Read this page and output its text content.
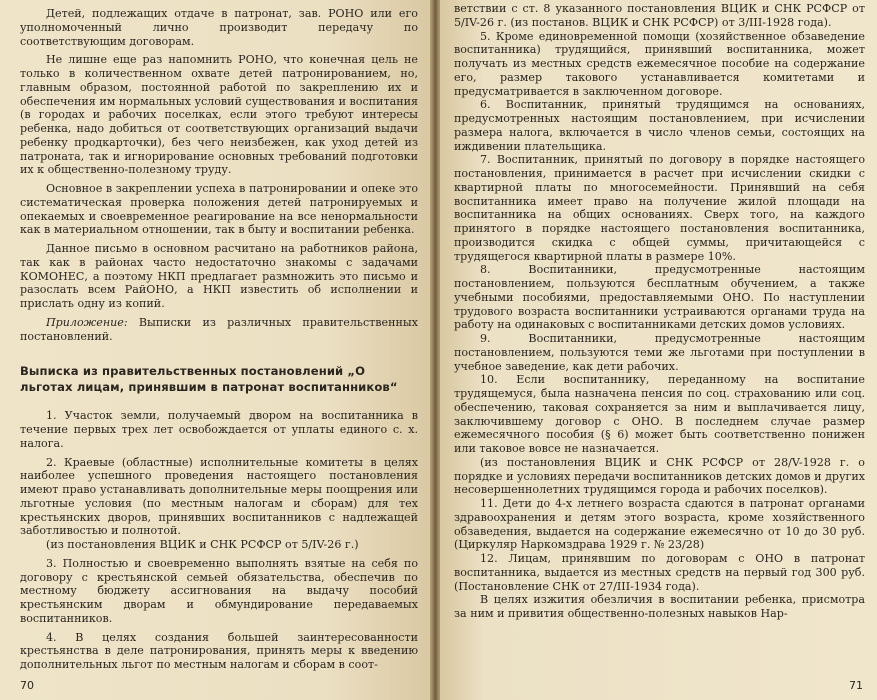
Детей, подлежащих отдаче в патронат, зав. РОНО или его уполномоченный лично производит передачу по соответствующим договорам.

Не лишне еще раз напомнить РОНО, что конечная цель не только в количественном охвате детей патронированием, но, главным образом, постоянной работой по закреплению их и обеспечения им нормальных условий существования и воспитания (в городах и рабочих поселках, если этого требуют интересы ребенка, надо добиться от соответствующих организаций выдачи ребенку продкарточки), без чего неизбежен, как уход детей из патроната, так и игнорирование основных требований подготовки их к общественно-полезному труду.

Основное в закреплении успеха в патронировании и опеке это систематическая проверка положения детей патронируемых и опекаемых и своевременное реагирование на все ненормальности как в материальном отношении, так в быту и воспитании ребенка.

Данное письмо в основном расчитано на работников района, так как в районах часто недостаточно знакомы с задачами КОМОНЕС, а поэтому НКП предлагает размножить это письмо и разослать всем РайОНО, а НКП известить об исполнении и прислать одну из копий.

Приложение: Выписки из различных правительственных постановлений.

Выписка из правительственных постановлений „О льготах лицам, принявшим в патронат воспитанников“

1. Участок земли, получаемый двором на воспитанника в течение первых трех лет освобождается от уплаты единого с. х. налога.

2. Краевые (областные) исполнительные комитеты в целях наиболее успешного проведения настоящего постановления имеют право устанавливать дополнительные меры поощрения или льготные условия (по местным налогам и сборам) для тех крестьянских дворов, принявших воспитанников с надлежащей заботливостью и полнотой.

(из постановления ВЦИК и СНК РСФСР от 5/IV-26 г.)

3. Полностью и своевременно выполнять взятые на себя по договору с крестьянской семьей обязательства, обеспечив по местному бюджету ассигнования на выдачу пособий крестьянским дворам и обмундирование передаваемых воспитанников.

4. В целях создания большей заинтересованности крестьянства в деле патронирования, принять меры к введению дополнительных льгот по местным налогам и сборам в соот-

70

ветствии с ст. 8 указанного постановления ВЦИК и СНК РСФСР от 5/IV-26 г. (из постанов. ВЦИК и СНК РСФСР) от 3/III-1928 года).

5. Кроме единовременной помощи (хозяйственное обзаведение воспитанника) трудящийся, принявший воспитанника, может получать из местных средств ежемесячное пособие на содержание его, размер такового устанавливается комитетами и предусматривается в заключенном договоре.

6. Воспитанник, принятый трудящимся на основаниях, предусмотренных настоящим постановлением, при исчислении размера налога, включается в число членов семьи, состоящих на иждивении плательщика.

7. Воспитанник, принятый по договору в порядке настоящего постановления, принимается в расчет при исчислении скидки с квартирной платы по многосемейности. Принявший на себя воспитанника имеет право на получение жилой площади на воспитанника на общих основаниях. Сверх того, на каждого принятого в порядке настоящего постановления воспитанника, производится скидка с общей суммы, причитающейся с трудящегося квартирной платы в размере 10%.

8. Воспитанники, предусмотренные настоящим постановлением, пользуются бесплатным обучением, а также учебными пособиями, предоставляемыми ОНО. По наступлении трудового возраста воспитанники устраиваются органами труда на работу на одинаковых с воспитанниками детских домов условиях.

9. Воспитанники, предусмотренные настоящим постановлением, пользуются теми же льготами при поступлении в учебное заведение, как дети рабочих.

10. Если воспитаннику, переданному на воспитание трудящемуся, была назначена пенсия по соц. страхованию или соц. обеспечению, таковая сохраняется за ним и выплачивается лицу, заключившему договор с ОНО. В последнем случае размер ежемесячного пособия (§ 6) может быть соответственно понижен или таковое вовсе не назначается.

(из постановления ВЦИК и СНК РСФСР от 28/V-1928 г. о порядке и условиях передачи воспитанников детских домов и других несовершеннолетних трудящимся города и рабочих поселков).

11. Дети до 4-х летнего возраста сдаются в патронат органами здравоохранения и детям этого возраста, кроме хозяйственного обзаведения, выдается на содержание ежемесячно от 10 до 30 руб. (Циркуляр Наркомздрава 1929 г. № 23/28)

12. Лицам, принявшим по договорам с ОНО в патронат воспитанника, выдается из местных средств на первый год 300 руб. (Постановление СНК от 27/III-1934 года).

В целях изжития обезличия в воспитании ребенка, присмотра за ним и привития общественно-полезных навыков Нар-

71
